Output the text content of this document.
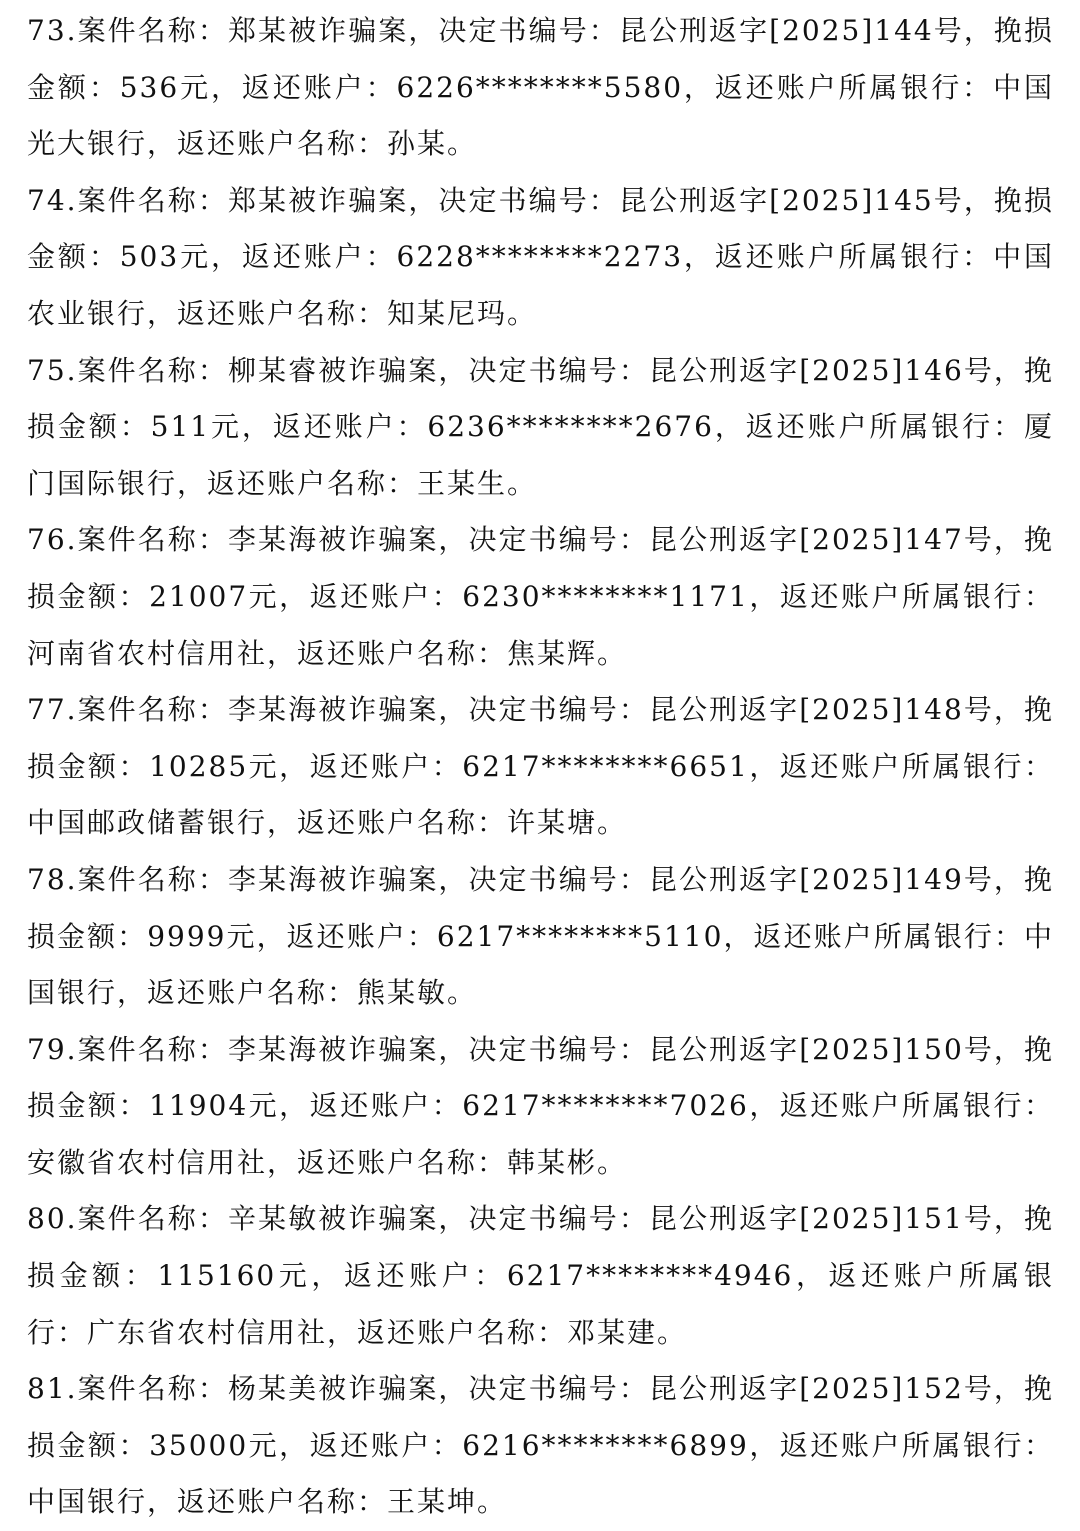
73.案件名称：郑某被诈骗案，决定书编号：昆公刑返字[2025]144号，挽损金额：536元，返还账户：6226********5580，返还账户所属银行：中国光大银行，返还账户名称：孙某。

74.案件名称：郑某被诈骗案，决定书编号：昆公刑返字[2025]145号，挽损金额：503元，返还账户：6228********2273，返还账户所属银行：中国农业银行，返还账户名称：知某尼玛。

75.案件名称：柳某睿被诈骗案，决定书编号：昆公刑返字[2025]146号，挽损金额：511元，返还账户：6236********2676，返还账户所属银行：厦门国际银行，返还账户名称：王某生。

76.案件名称：李某海被诈骗案，决定书编号：昆公刑返字[2025]147号，挽损金额：21007元，返还账户：6230********1171，返还账户所属银行：河南省农村信用社，返还账户名称：焦某辉。

77.案件名称：李某海被诈骗案，决定书编号：昆公刑返字[2025]148号，挽损金额：10285元，返还账户：6217********6651，返还账户所属银行：中国邮政储蓄银行，返还账户名称：许某塘。

78.案件名称：李某海被诈骗案，决定书编号：昆公刑返字[2025]149号，挽损金额：9999元，返还账户：6217********5110，返还账户所属银行：中国银行，返还账户名称：熊某敏。

79.案件名称：李某海被诈骗案，决定书编号：昆公刑返字[2025]150号，挽损金额：11904元，返还账户：6217********7026，返还账户所属银行：安徽省农村信用社，返还账户名称：韩某彬。

80.案件名称：辛某敏被诈骗案，决定书编号：昆公刑返字[2025]151号，挽损金额：115160元，返还账户：6217********4946，返还账户所属银行：广东省农村信用社，返还账户名称：邓某建。

81.案件名称：杨某美被诈骗案，决定书编号：昆公刑返字[2025]152号，挽损金额：35000元，返还账户：6216********6899，返还账户所属银行：中国银行，返还账户名称：王某坤。
